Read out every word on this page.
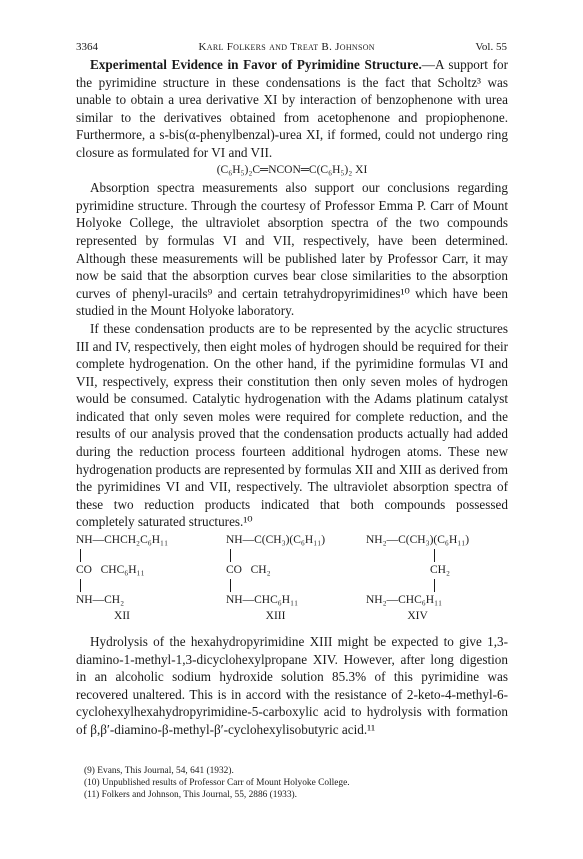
3364	Karl Folkers and Treat B. Johnson	Vol. 55

Experimental Evidence in Favor of Pyrimidine Structure.—A support for the pyrimidine structure in these condensations is the fact that Scholtz³ was unable to obtain a urea derivative XI by interaction of benzophenone with urea similar to the derivatives obtained from acetophenone and propiophenone. Furthermore, a s-bis(α-phenylbenzal)-urea XI, if formed, could not undergo ring closure as formulated for VI and VII.

(C₆H₅)₂C═NCON═C(C₆H₅)₂ XI

Absorption spectra measurements also support our conclusions regarding pyrimidine structure. Through the courtesy of Professor Emma P. Carr of Mount Holyoke College, the ultraviolet absorption spectra of the two compounds represented by formulas VI and VII, respectively, have been determined. Although these measurements will be published later by Professor Carr, it may now be said that the absorption curves bear close similarities to the absorption curves of phenyl-uracils⁹ and certain tetrahydropyrimidines¹⁰ which have been studied in the Mount Holyoke laboratory.

If these condensation products are to be represented by the acyclic structures III and IV, respectively, then eight moles of hydrogen should be required for their complete hydrogenation. On the other hand, if the pyrimidine formulas VI and VII, respectively, express their constitution then only seven moles of hydrogen would be consumed. Catalytic hydrogenation with the Adams platinum catalyst indicated that only seven moles were required for complete reduction, and the results of our analysis proved that the condensation products actually had added during the reduction process fourteen additional hydrogen atoms. These new hydrogenation products are represented by formulas XII and XIII as derived from the pyrimidines VI and VII, respectively. The ultraviolet absorption spectra of these two reduction products indicated that both compounds possessed completely saturated structures.¹⁰

NH—CHCH₂C₆H₁₁
CO   CHC₆H₁₁
NH—CH₂
XII
NH—C(CH₃)(C₆H₁₁)
CO   CH₂
NH—CHC₆H₁₁
XIII
NH₂—C(CH₃)(C₆H₁₁)
CH₂
NH₂—CHC₆H₁₁
XIV

Hydrolysis of the hexahydropyrimidine XIII might be expected to give 1,3-diamino-1-methyl-1,3-dicyclohexylpropane XIV. However, after long digestion in an alcoholic sodium hydroxide solution 85.3% of this pyrimidine was recovered unaltered. This is in accord with the resistance of 2-keto-4-methyl-6-cyclohexylhexahydropyrimidine-5-carboxylic acid to hydrolysis with formation of β,β′-diamino-β-methyl-β′-cyclohexylisobutyric acid.¹¹

(9) Evans, This Journal, 54, 641 (1932).
(10) Unpublished results of Professor Carr of Mount Holyoke College.
(11) Folkers and Johnson, This Journal, 55, 2886 (1933).
